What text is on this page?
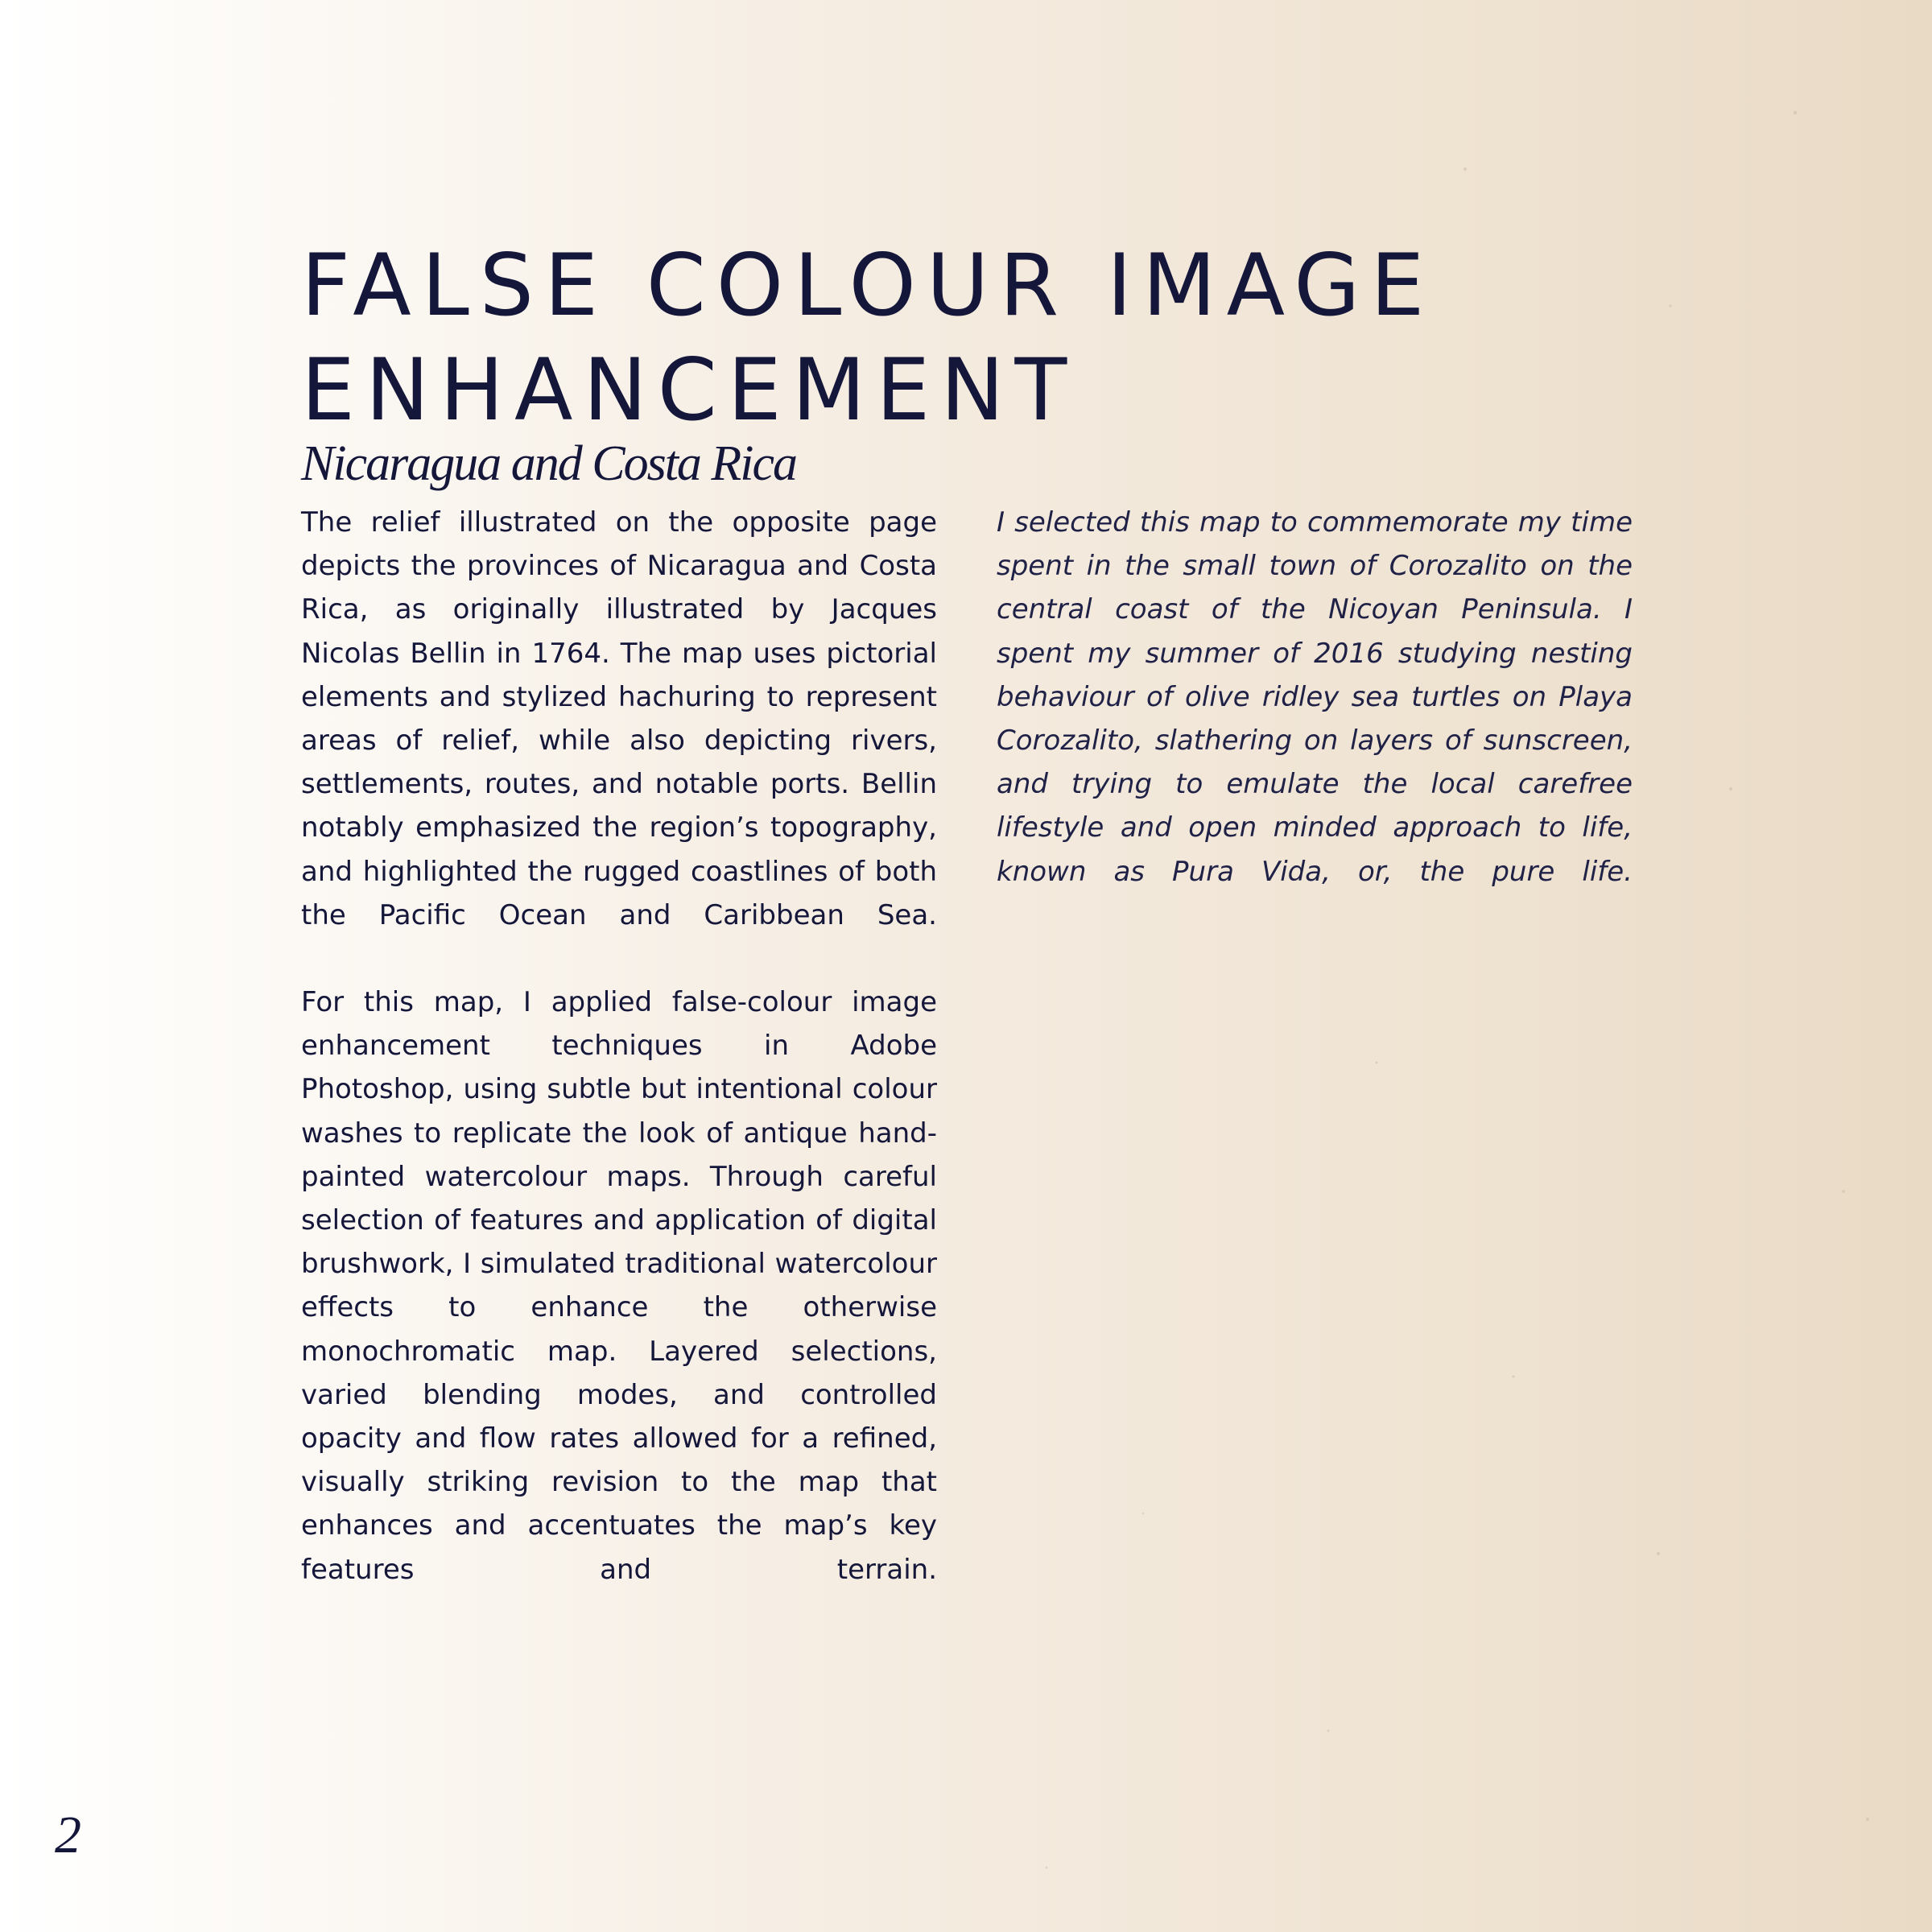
FALSE COLOUR IMAGE
ENHANCEMENT
Nicaragua and Costa Rica

The relief illustrated on the opposite page depicts the provinces of Nicaragua and Costa Rica, as originally illustrated by Jacques Nicolas Bellin in 1764. The map uses pictorial elements and stylized hachuring to represent areas of relief, while also depicting rivers, settlements, routes, and notable ports. Bellin notably emphasized the region’s topography, and highlighted the rugged coastlines of both the Pacific Ocean and Caribbean Sea.

For this map, I applied false-colour image enhancement techniques in Adobe Photoshop, using subtle but intentional colour washes to replicate the look of antique hand-painted watercolour maps. Through careful selection of features and application of digital brushwork, I simulated traditional watercolour effects to enhance the otherwise monochromatic map. Layered selections, varied blending modes, and controlled opacity and flow rates allowed for a refined, visually striking revision to the map that enhances and accentuates the map’s key features and terrain.

I selected this map to commemorate my time spent in the small town of Corozalito on the central coast of the Nicoyan Peninsula. I spent my summer of 2016 studying nesting behaviour of olive ridley sea turtles on Playa Corozalito, slathering on layers of sunscreen, and trying to emulate the local carefree lifestyle and open minded approach to life, known as Pura Vida, or, the pure life.

2
